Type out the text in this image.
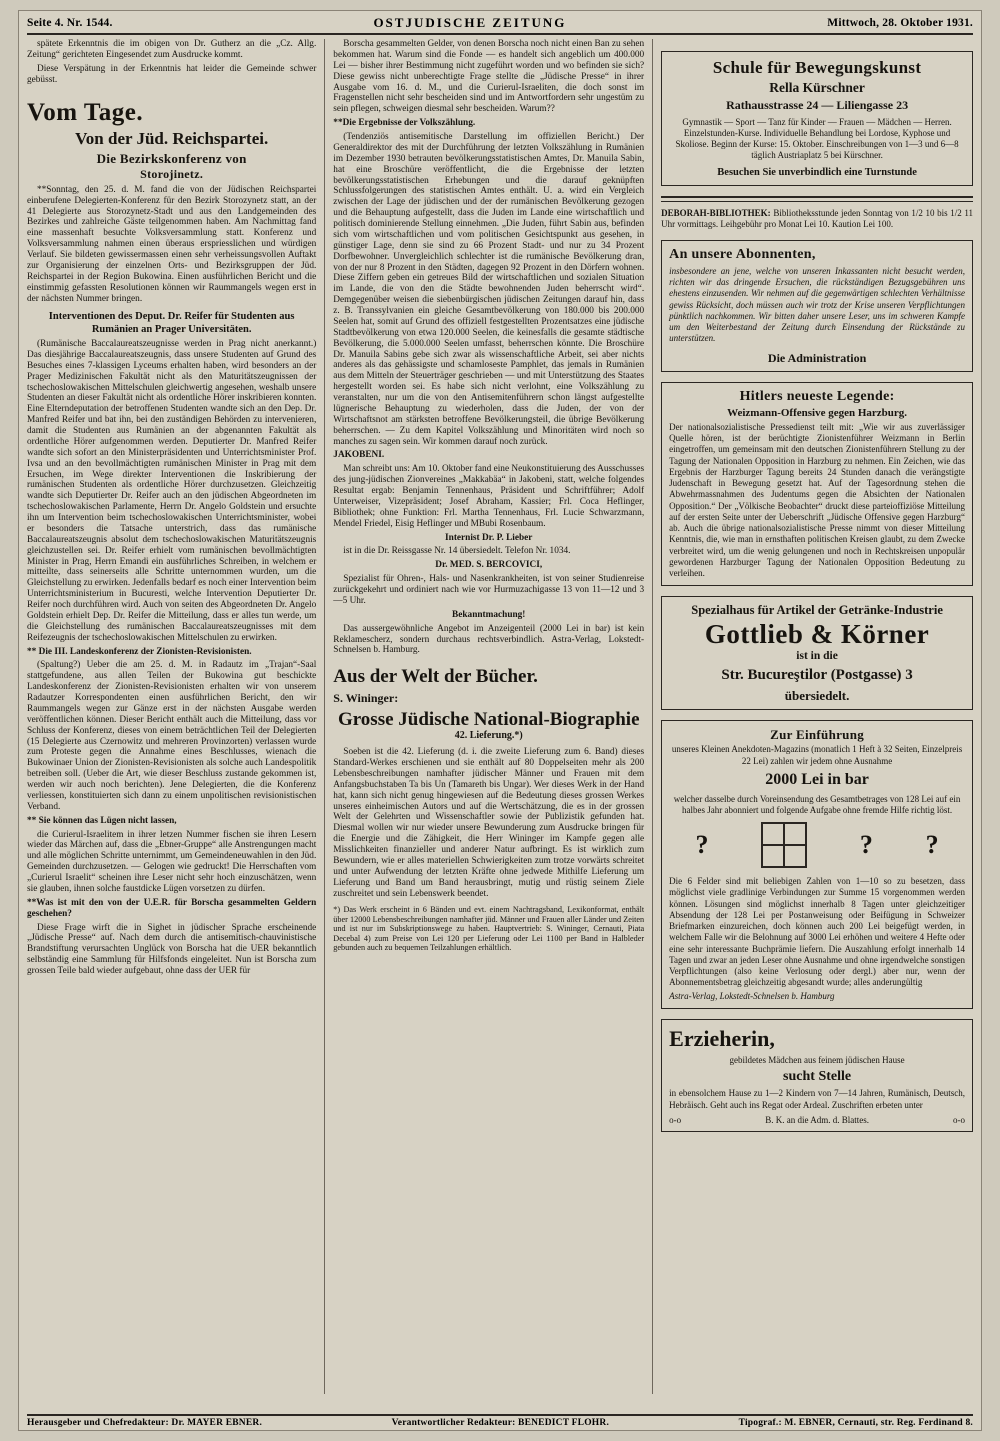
Seite 4. Nr. 1544.	OSTJUDISCHE ZEITUNG	Mittwoch, 28. Oktober 1931.

spätete Erkenntnis die im obigen von Dr. Gutherz an die „Cz. Allg. Zeitung“ gerichteten Eingesendet zum Ausdrucke kommt.

Diese Verspätung in der Erkenntnis hat leider die Gemeinde schwer gebüsst.

Vom Tage.
Von der Jüd. Reichspartei.
Die Bezirkskonferenz von
Storojinetz.

**Sonntag, den 25. d. M. fand die von der Jüdischen Reichspartei einberufene Delegierten-Konferenz für den Bezirk Storozynetz statt, an der 41 Delegierte aus Storozynetz-Stadt und aus den Landgemeinden des Bezirkes und zahlreiche Gäste teilgenommen haben. Am Nachmittag fand eine massenhaft besuchte Volksversammlung statt. Konferenz und Volksversammlung nahmen einen überaus erspriesslichen und würdigen Verlauf. Sie bildeten gewissermassen einen sehr verheissungsvollen Auftakt zur Organisierung der einzelnen Orts- und Bezirksgruppen der Jüd. Reichspartei in der Region Bukowina. Einen ausführlichen Bericht und die einstimmig gefassten Resolutionen können wir Raummangels wegen erst in der nächsten Nummer bringen.

Interventionen des Deput. Dr. Reifer für Studenten aus Rumänien an Prager Universitäten.

(Rumänische Baccalaureatszeugnisse werden in Prag nicht anerkannt.) Das diesjährige Baccalaureatszeugnis, dass unsere Studenten auf Grund des Besuches eines 7-klassigen Lyceums erhalten haben, wird besonders an der Prager Medizinischen Fakultät nicht als den Maturitätszeugnissen der tschechoslowakischen Mittelschulen gleichwertig angesehen, weshalb unsere Studenten an dieser Fakultät nicht als ordentliche Hörer inskribieren konnten. Eine Elterndeputation der betroffenen Studenten wandte sich an den Dep. Dr. Manfred Reifer und bat ihn, bei den zuständigen Behörden zu intervenieren, damit die Studenten aus Rumänien an der abgenannten Fakultät als ordentliche Hörer aufgenommen werden. Deputierter Dr. Manfred Reifer wandte sich sofort an den Ministerpräsidenten und Unterrichtsminister Prof. Ivsa und an den bevollmächtigten rumänischen Minister in Prag mit dem Ersuchen, im Wege direkter Interventionen die Inskribierung der rumänischen Studenten als ordentliche Hörer durchzusetzen. Gleichzeitig wandte sich Deputierter Dr. Reifer auch an den jüdischen Abgeordneten im tschechoslowakischen Parlamente, Herrn Dr. Angelo Goldstein und ersuchte ihn um Intervention beim tschechoslowakischen Unterrichtsminister, wobei er besonders die Tatsache unterstrich, dass das rumänische Baccalaureatszeugnis absolut dem tschechoslowakischen Maturitätszeugnis gleichzustellen sei. Dr. Reifer erhielt vom rumänischen bevollmächtigten Minister in Prag, Herrn Emandi ein ausführliches Schreiben, in welchem er mitteilte, dass seinerseits alle Schritte unternommen wurden, um die Gleichstellung zu erwirken. Jedenfalls bedarf es noch einer Intervention beim Unterrichtsministerium in Bucuresti, welche Intervention Deputierter Dr. Reifer noch durchführen wird. Auch von seiten des Abgeordneten Dr. Angelo Goldstein erhielt Dep. Dr. Reifer die Mitteilung, dass er alles tun werde, um die Gleichstellung des rumänischen Baccalaureatszeugnisses mit dem Reifezeugnis der tschechoslowakischen Mittelschulen zu erwirken.

** Die III. Landeskonferenz der Zionisten-Revisionisten.

(Spaltung?) Ueber die am 25. d. M. in Radautz im „Trajan“-Saal stattgefundene, aus allen Teilen der Bukowina gut beschickte Landeskonferenz der Zionisten-Revisionisten erhalten wir von unserem Radautzer Korrespondenten einen ausführlichen Bericht, den wir Raummangels wegen zur Gänze erst in der nächsten Ausgabe werden veröffentlichen können. Dieser Bericht enthält auch die Mitteilung, dass vor Schluss der Konferenz, dieses von einem beträchtlichen Teil der Delegierten (15 Delegierte aus Czernowitz und mehreren Provinzorten) verlassen wurde zum Proteste gegen die Annahme eines Beschlusses, wienach die Bukowinaer Union der Zionisten-Revisionisten als solche auch Landespolitik betreiben soll. (Ueber die Art, wie dieser Beschluss zustande gekommen ist, werden wir auch noch berichten). Jene Delegierten, die die Konferenz verliessen, konstituierten sich dann zu einem unpolitischen revisionistischen Verband.

** Sie können das Lügen nicht lassen,

die Curierul-Israelitem in ihrer letzen Nummer fischen sie ihren Lesern wieder das Märchen auf, dass die „Ebner-Gruppe“ alle Anstrengungen macht und alle möglichen Schritte unternimmt, um Gemeindeneuwahlen in den Jüd. Gemeinden durchzusetzen. — Gelogen wie gedruckt! Die Herrschaften vom „Curierul Israelit“ scheinen ihre Leser nicht sehr hoch einzuschätzen, wenn sie glauben, ihnen solche faustdicke Lügen vorsetzen zu dürfen.

**Was ist mit den von der U.E.R. für Borscha gesammelten Geldern geschehen?

Diese Frage wirft die in Sighet in jüdischer Sprache erscheinende „Jüdische Presse“ auf. Nach dem durch die antisemitisch-chauvinistische Brandstiftung verursachten Unglück von Borscha hat die UER bekanntlich selbständig eine Sammlung für Hilfsfonds eingeleitet. Nun ist Borscha zum grossen Teile bald wieder aufgebaut, ohne dass der UER für

Borscha gesammelten Gelder, von denen Borscha noch nicht einen Ban zu sehen bekommen hat. Warum sind die Fonde — es handelt sich angeblich um 400.000 Lei — bisher ihrer Bestimmung nicht zugeführt worden und wo befinden sie sich? Diese gewiss nicht unberechtigte Frage stellte die „Jüdische Presse“ in ihrer Ausgabe vom 16. d. M., und die Curierul-Israeliten, die doch sonst im Fragenstellen nicht sehr bescheiden sind und im Antwortfordern sehr ungestüm zu sein pflegen, schweigen diesmal sehr bescheiden. Warum??

**Die Ergebnisse der Volkszählung.

(Tendenziös antisemitische Darstellung im offiziellen Bericht.) Der Generaldirektor des mit der Durchführung der letzten Volkszählung in Rumänien im Dezember 1930 betrauten bevölkerungsstatistischen Amtes, Dr. Manuila Sabin, hat eine Broschüre veröffentlicht, die die Ergebnisse der letzten bevölkerungsstatistischen Erhebungen und die darauf geknüpften Schlussfolgerungen des statistischen Amtes enthält. U. a. wird ein Vergleich zwischen der Lage der jüdischen und der der rumänischen Bevölkerung gezogen und die Behauptung aufgestellt, dass die Juden im Lande eine wirtschaftlich und politisch dominierende Stellung einnehmen. „Die Juden, führt Sabin aus, befinden sich vom wirtschaftlichen und vom politischen Gesichtspunkt aus gesehen, in günstiger Lage, denn sie sind zu 66 Prozent Stadt- und nur zu 34 Prozent Dorfbewohner. Unvergleichlich schlechter ist die rumänische Bevölkerung dran, von der nur 8 Prozent in den Städten, dagegen 92 Prozent in den Dörfern wohnen. Diese Ziffern geben ein getreues Bild der wirtschaftlichen und sozialen Situation im Lande, die von den die Städte bewohnenden Juden beherrscht wird“. Demgegenüber weisen die siebenbürgischen jüdischen Zeitungen darauf hin, dass z. B. Transsylvanien ein gleiche Gesamtbevölkerung von 180.000 bis 200.000 Seelen hat, somit auf Grund des offiziell festgestellten Prozentsatzes eine jüdische Stadtbevölkerung von etwa 120.000 Seelen, die keinesfalls die gesamte städtische Bevölkerung, die 5.000.000 Seelen umfasst, beherrschen könnte. Die Broschüre Dr. Manuila Sabins gebe sich zwar als wissenschaftliche Arbeit, sei aber nichts anderes als das gehässigste und schamloseste Pamphlet, das jemals in Rumänien aus dem Mitteln der Steuerträger geschrieben — und mit Unterstützung des Staates hergestellt worden sei. Es habe sich nicht verlohnt, eine Volkszählung zu veranstalten, nur um die von den Antisemitenführern schon längst aufgestellte lügnerische Behauptung zu wiederholen, dass die Juden, der von der Wirtschaftsnot am stärksten betroffene Bevölkerungsteil, die übrige Bevölkerung beherrschen. — Zu dem Kapitel Volkszählung und Minoritäten wird noch so manches zu sagen sein. Wir kommen darauf noch zurück.

JAKOBENI.

Man schreibt uns: Am 10. Oktober fand eine Neukonstituierung des Ausschusses des jung-jüdischen Zionvereines „Makkabäa“ in Jakobeni, statt, welche folgendes Resultat ergab: Benjamin Tennenhaus, Präsident und Schriftführer; Adolf Unterweiser, Vizepräsident; Josef Abraham, Kassier; Frl. Coca Heflinger, Bibliothek; ohne Funktion: Frl. Martha Tennenhaus, Frl. Lucie Schwarzmann, Mendel Friedel, Eisig Heflinger und MBubi Rosenbaum.

Internist Dr. P. Lieber

ist in die Dr. Reissgasse Nr. 14 übersiedelt. Telefon Nr. 1034.

Dr. MED. S. BERCOVICI,

Spezialist für Ohren-, Hals- und Nasenkrankheiten, ist von seiner Studienreise zurückgekehrt und ordiniert nach wie vor Hurmuzachigasse 13 von 11—12 und 3—5 Uhr.

Bekanntmachung!

Das aussergewöhnliche Angebot im Anzeigenteil (2000 Lei in bar) ist kein Reklamescherz, sondern durchaus rechtsverbindlich. Astra-Verlag, Lokstedt-Schnelsen b. Hamburg.

Aus der Welt der Bücher.
S. Wininger:
Grosse Jüdische National-Biographie
42. Lieferung.*)

Soeben ist die 42. Lieferung (d. i. die zweite Lieferung zum 6. Band) dieses Standard-Werkes erschienen und sie enthält auf 80 Doppelseiten mehr als 200 Lebensbeschreibungen namhafter jüdischer Männer und Frauen mit dem Anfangsbuchstaben Ta bis Un (Tamareth bis Ungar). Wer dieses Werk in der Hand hat, kann sich nicht genug hingewiesen auf die Bedeutung dieses grossen Werkes unseres einheimischen Autors und auf die Wertschätzung, die es in der grossen Welt der Gelehrten und Wissenschaftler sowie der Publizistik gefunden hat. Diesmal wollen wir nur wieder unsere Bewunderung zum Ausdrucke bringen für die Energie und die Zähigkeit, die Herr Wininger im Kampfe gegen alle Misslichkeiten finanzieller und anderer Natur aufbringt. Es ist wirklich zum Bewundern, wie er alles materiellen Schwierigkeiten zum trotze vorwärts schreitet und unter Aufwendung der letzten Kräfte ohne jedwede Mithilfe Lieferung um Lieferung und Band um Band herausbringt, mutig und rüstig seinem Ziele zuschreitet und sein Lebenswerk beendet.

*) Das Werk erscheint in 6 Bänden und evt. einem Nachtragsband, Lexikonformat, enthält über 12000 Lebensbeschreibungen namhafter jüd. Männer und Frauen aller Länder und Zeiten und ist nur im Subskriptionswege zu haben. Hauptvertrieb: S. Wininger, Cernauti, Piata Decebal 4) zum Preise von Lei 120 per Lieferung oder Lei 1100 per Band in Halbleder gebunden auch zu bequemen Teilzahlungen erhältlich.
Schule für Bewegungskunst
Rella Kürschner
Rathausstrasse 24 — Liliengasse 23
Gymnastik — Sport — Tanz für Kinder — Frauen — Mädchen — Herren. Einzelstunden-Kurse. Individuelle Behandlung bei Lordose, Kyphose und Skoliose. Beginn der Kurse: 15. Oktober. Einschreibungen von 1—3 und 6—8 täglich Austriaplatz 5 bei Kürschner.
Besuchen Sie unverbindlich eine Turnstunde
DEBORAH-BIBLIOTHEK: Bibliotheksstunde jeden Sonntag von 1/2 10 bis 1/2 11 Uhr vormittags. Leihgebühr pro Monat Lei 10. Kaution Lei 100.
An unsere Abonnenten,
insbesondere an jene, welche von unseren Inkassanten nicht besucht werden, richten wir das dringende Ersuchen, die rückständigen Bezugsgebühren uns ehestens einzusenden. Wir nehmen auf die gegenwärtigen schlechten Verhältnisse gewiss Rücksicht, doch müssen auch wir trotz der Krise unseren Verpflichtungen pünktlich nachkommen. Wir bitten daher unsere Leser, uns im schweren Kampfe um den Weiterbestand der Zeitung durch Einsendung der Rückstände zu unterstützen.
Die Administration
Hitlers neueste Legende:
Weizmann-Offensive gegen Harzburg.
Der nationalsozialistische Pressedienst teilt mit: „Wie wir aus zuverlässiger Quelle hören, ist der berüchtigte Zionistenführer Weizmann in Berlin eingetroffen, um gemeinsam mit den deutschen Zionistenführern Stellung zu der Tagung der Nationalen Opposition in Harzburg zu nehmen. Ein Zeichen, wie das Ergebnis der Harzburger Tagung bereits 24 Stunden danach die verängstigte Judenschaft in Bewegung gesetzt hat. Auf der Tagesordnung stehen die Abwehrmassnahmen des Judentums gegen die Absichten der Nationalen Opposition.“ Der „Völkische Beobachter“ druckt diese parteioffiziöse Mitteilung auf der ersten Seite unter der Ueberschrift „Jüdische Offensive gegen Harzburg“ ab. Auch die übrige nationalsozialistische Presse nimmt von dieser Mitteilung Kenntnis, die, wie man in ernsthaften politischen Kreisen glaubt, zu dem Zwecke verbreitet wird, um die wenig gelungenen und noch in Rechtskreisen unpopulär gewordenen Harzburger Tagung der Nationalen Opposition Bedeutung zu verleihen.
Spezialhaus für Artikel der Getränke-Industrie
Gottlieb & Körner
ist in die
Str. Bucureştilor (Postgasse) 3
übersiedelt.
Zur Einführung
unseres Kleinen Anekdoten-Magazins (monatlich 1 Heft à 32 Seiten, Einzelpreis 22 Lei) zahlen wir jedem ohne Ausnahme
2000 Lei in bar
welcher dasselbe durch Voreinsendung des Gesamtbetrages von 128 Lei auf ein halbes Jahr abonniert und folgende Aufgabe ohne fremde Hilfe richtig löst.
?	? ?
Die 6 Felder sind mit beliebigen Zahlen von 1—10 so zu besetzen, dass möglichst viele gradlinige Verbindungen zur Summe 15 vorgenommen werden können. Lösungen sind möglichst innerhalb 8 Tagen unter gleichzeitiger Absendung der 128 Lei per Postanweisung oder Beifügung in Schweizer Briefmarken einzureichen, doch können auch 200 Lei beigefügt werden, in welchem Falle wir die Belohnung auf 3000 Lei erhöhen und weitere 4 Hefte oder eine sehr interessante Buchprämie liefern. Die Auszahlung erfolgt innerhalb 14 Tagen und zwar an jeden Leser ohne Ausnahme und ohne irgendwelche sonstigen Verpflichtungen (also keine Verlosung oder dergl.) aber nur, wenn der Abonnementsbetrag gleichzeitig abgesandt wurde; alles anderungültig
Astra-Verlag, Lokstedt-Schnelsen b. Hamburg
Erzieherin,
gebildetes Mädchen aus feinem jüdischen Hause
sucht Stelle
in ebensolchem Hause zu 1—2 Kindern von 7—14 Jahren, Rumänisch, Deutsch, Hebräisch. Geht auch ins Regat oder Ardeal. Zuschriften erbeten unter
o-o	B. K. an die Adm. d. Blattes.	o-o
Herausgeber und Chefredakteur: Dr. MAYER EBNER.	Verantwortlicher Redakteur: BENEDICT FLOHR.	Tipograf.: M. EBNER, Cernauti, str. Reg. Ferdinand 8.
